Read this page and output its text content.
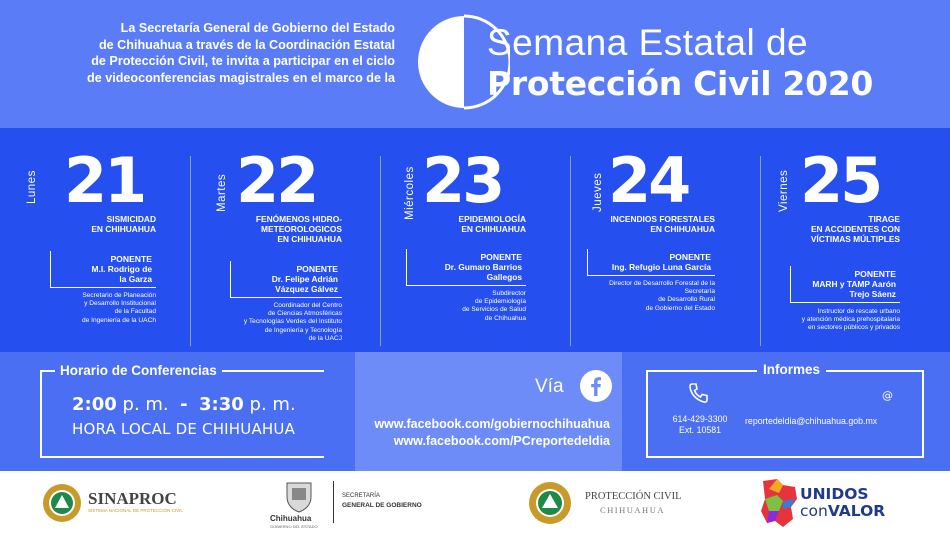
La Secretaría General de Gobierno del Estado
de Chihuahua a través de la Coordinación Estatal
de Protección Civil, te invita a participar en el ciclo
de videoconferencias magistrales en el marco de la
Semana Estatal de
Protección Civil 2020
Lunes 21
SISMICIDAD
EN CHIHUAHUA
PONENTE
M.I. Rodrigo de
la Garza
Secretario de Planeación
y Desarrollo Institucional
de la Facultad
de Ingeniería de la UACh
Martes 22
FENÓMENOS HIDRO-
METEOROLOGICOS
EN CHIHUAHUA
PONENTE
Dr. Felipe Adrián
Vázquez Gálvez
Coordinador del Centro
de Ciencias Atmosféricas
y Tecnologías Verdes del Instituto
de Ingeniería y Tecnología
de la UACJ
Miércoles 23
EPIDEMIOLOGÍA
EN CHIHUAHUA
PONENTE
Dr. Gumaro Barrios
Gallegos
Subdirector
de Epidemiología
de Servicios de Salud
de Chihuahua
Jueves 24
INCENDIOS FORESTALES
EN CHIHUAHUA
PONENTE
Ing. Refugio Luna García
Director de Desarrollo Forestal de la
Secretaría
de Desarrollo Rural
de Gobierno del Estado
Viernes 25
TIRAGE
EN ACCIDENTES CON
VÍCTIMAS MÚLTIPLES
PONENTE
MARH y TAMP Aarón
Trejo Sáenz
Instructor de rescate urbano
y atención médica prehospitalaria
en sectores públicos y privados
Horario de Conferencias
2:00 p. m. - 3:30 p. m.
HORA LOCAL DE CHIHUAHUA
Vía
www.facebook.com/gobiernochihuahua
www.facebook.com/PCreportedeldia
Informes
614-429-3300
Ext. 10581
@
reportedeldia@chihuahua.gob.mx
SINAPROC
SISTEMA NACIONAL DE PROTECCIÓN CIVIL
Chihuahua
GOBIERNO DEL ESTADO
SECRETARÍA
GENERAL DE GOBIERNO
PROTECCIÓN CIVIL
CHIHUAHUA
UNIDOS
conVALOR
